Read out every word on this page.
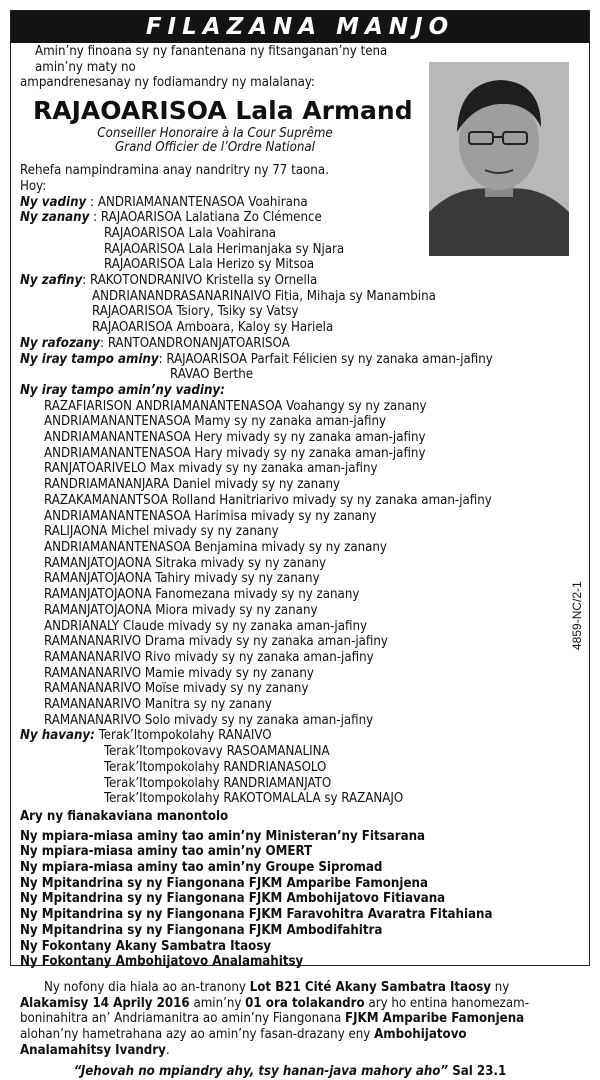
FILAZANA MANJO
Amin’ny finoana sy ny fanantenana ny fitsanganan’ny tena amin’ny maty no
ampandrenesanay ny fodiamandry ny malalanay:
RAJAOARISOA Lala Armand
Conseiller Honoraire à la Cour Suprême
Grand Officier de l’Ordre National
Rehefa nampindramina anay nandritry ny 77 taona.
Hoy:
Ny vadiny : ANDRIAMANANTENASOA Voahirana
Ny zanany : RAJAOARISOA Lalatiana Zo Clémence
RAJAOARISOA Lala Voahirana
RAJAOARISOA Lala Herimanjaka sy Njara
RAJAOARISOA Lala Herizo sy Mitsoa
Ny zafiny: RAKOTONDRANIVO Kristella sy Ornella
ANDRIANANDRASANARINAIVO Fitia, Mihaja sy Manambina
RAJAOARISOA Tsiory, Tsiky sy Vatsy
RAJAOARISOA Amboara, Kaloy sy Hariela
Ny rafozany: RANTOANDRONANJATOARISOA
Ny iray tampo aminy: RAJAOARISOA Parfait Félicien sy ny zanaka aman-jafiny
RAVAO Berthe
Ny iray tampo amin’ny vadiny:
RAZAFIARISON ANDRIAMANANTENASOA Voahangy sy ny zanany
ANDRIAMANANTENASOA Mamy sy ny zanaka aman-jafiny
ANDRIAMANANTENASOA Hery mivady sy ny zanaka aman-jafiny
ANDRIAMANANTENASOA Hary mivady sy ny zanaka aman-jafiny
RANJATOARIVELO Max mivady sy ny zanaka aman-jafiny
RANDRIAMANANJARA Daniel mivady sy ny zanany
RAZAKAMANANTSOA Rolland Hanitriarivo mivady sy ny zanaka aman-jafiny
ANDRIAMANANTENASOA Harimisa mivady sy ny zanany
RALIJAONA Michel mivady sy ny zanany
ANDRIAMANANTENASOA Benjamina mivady sy ny zanany
RAMANJATOJAONA Sitraka mivady sy ny zanany
RAMANJATOJAONA Tahiry mivady sy ny zanany
RAMANJATOJAONA Fanomezana mivady sy ny zanany
RAMANJATOJAONA Miora mivady sy ny zanany
ANDRIANALY Claude mivady sy ny zanaka aman-jafiny
RAMANANARIVO Drama mivady sy ny zanaka aman-jafiny
RAMANANARIVO Rivo mivady sy ny zanaka aman-jafiny
RAMANANARIVO Mamie mivady sy ny zanany
RAMANANARIVO Moïse mivady sy ny zanany
RAMANANARIVO Manitra sy ny zanany
RAMANANARIVO Solo mivady sy ny zanaka aman-jafiny
Ny havany: Terak’Itompokolahy RANAIVO
Terak’Itompokovavy RASOAMANALINA
Terak’Itompokolahy RANDRIANASOLO
Terak’Itompokolahy RANDRIAMANJATO
Terak’Itompokolahy RAKOTOMALALA sy RAZANAJO
Ary ny fianakaviana manontolo
Ny mpiara-miasa aminy tao amin’ny Ministeran’ny Fitsarana
Ny mpiara-miasa aminy tao amin’ny OMERT
Ny mpiara-miasa aminy tao amin’ny Groupe Sipromad
Ny Mpitandrina sy ny Fiangonana FJKM Amparibe Famonjena
Ny Mpitandrina sy ny Fiangonana FJKM Ambohijatovo Fitiavana
Ny Mpitandrina sy ny Fiangonana FJKM Faravohitra Avaratra Fitahiana
Ny Mpitandrina sy ny Fiangonana FJKM Ambodifahitra
Ny Fokontany Akany Sambatra Itaosy
Ny Fokontany Ambohijatovo Analamahitsy
Ny nofony dia hiala ao an-tranony Lot B21 Cité Akany Sambatra Itaosy ny
Alakamisy 14 Aprily 2016 amin’ny 01 ora tolakandro ary ho entina hanomezam-
boninahitra an’ Andriamanitra ao amin’ny Fiangonana FJKM Amparibe Famonjena
alohan’ny hametrahana azy ao amin’ny fasan-drazany eny Ambohijatovo
Analamahitsy Ivandry.
“Jehovah no mpiandry ahy, tsy hanan-java mahory aho” Sal 23.1
4859-NC/2-1
